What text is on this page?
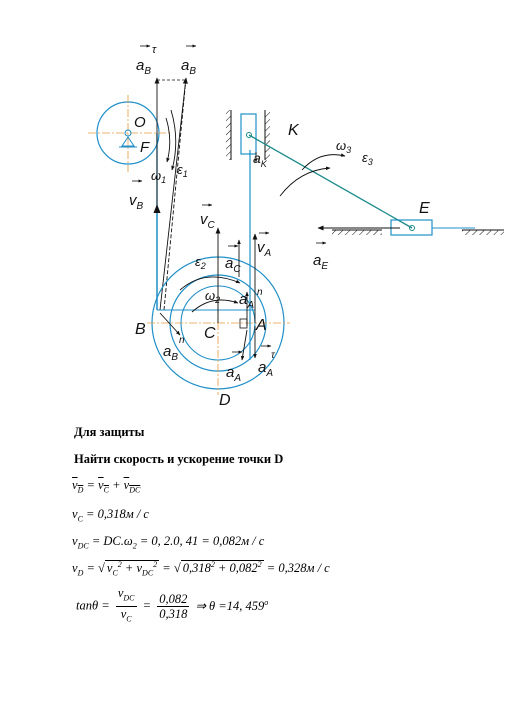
O
F
$a_B$
τ
$a_B$
$\omega_1$
$\varepsilon_1$
$v_B$
B	C	A
D
$v_C$
$a_C$
$\varepsilon_2$
$\omega_2$
$a_B$
n
$v_A$
$a_A$
n
$a_A$
$a_A$
τ
K
$a_K$
$\omega_3$ $\varepsilon_3$
E
$a_E$
Для защиты
Найти скорость и ускорение точки D
$v_D = v_C + v_{DC}$
$v_C = 0,318м / с$
$v_{DC} = DC.\omega_2 = 0$, 2.0, 41 = 0,082м / с
$v_D$ = √ $v_C^2 + v_{DC}^2$ = √ $0,318^2 + 0,082^2 = 0,328м / с$
$\tan\theta = \frac{v_{DC}}{v_C} = \frac{0,082}{0,318}$ ⇒ θ =14, 459$^o$
